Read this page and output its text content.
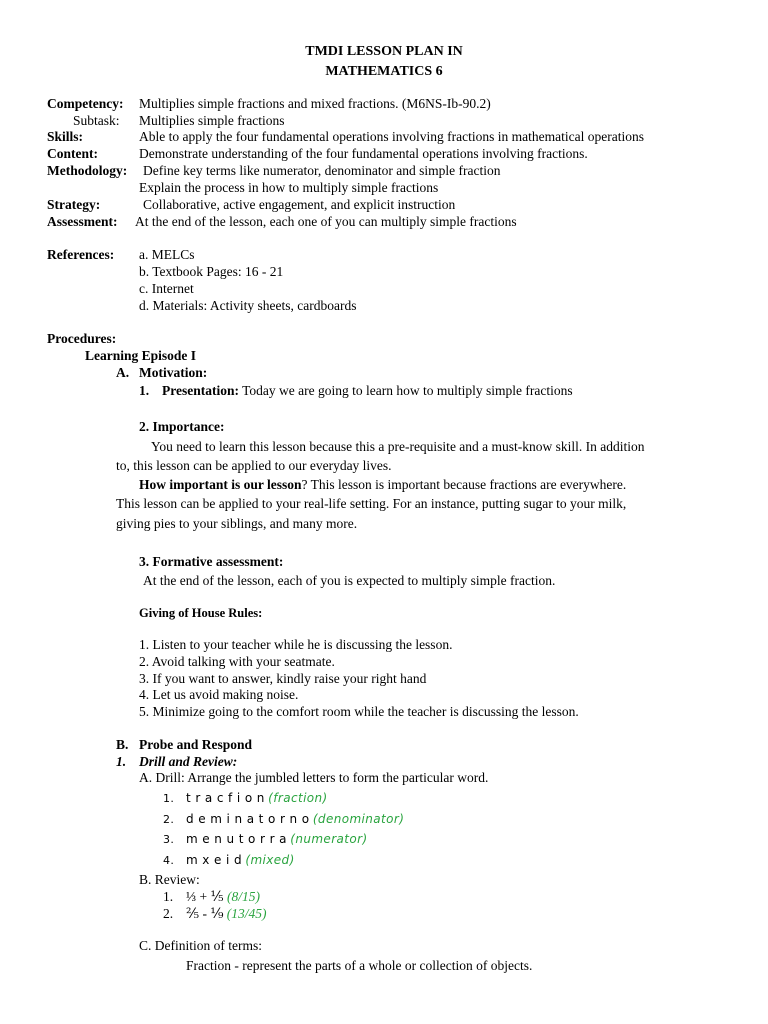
TMDI LESSON PLAN IN
MATHEMATICS 6
Competency: Multiplies simple fractions and mixed fractions. (M6NS-Ib-90.2)
Subtask: Multiplies simple fractions
Skills:	Able to apply the four fundamental operations involving fractions in mathematical operations
Content:	Demonstrate understanding of the four fundamental operations involving fractions.
Methodology: Define key terms like numerator, denominator and simple fraction
Explain the process in how to multiply simple fractions
Strategy:	Collaborative, active engagement, and explicit instruction
Assessment: At the end of the lesson, each one of you can multiply simple fractions
References: a. MELCs
b. Textbook Pages: 16 - 21
c. Internet
d. Materials: Activity sheets, cardboards
Procedures:
Learning Episode I
A. Motivation:
1. Presentation: Today we are going to learn how to multiply simple fractions
2. Importance:
You need to learn this lesson because this a pre-requisite and a must-know skill. In addition
to, this lesson can be applied to our everyday lives.
How important is our lesson? This lesson is important because fractions are everywhere.
This lesson can be applied to your real-life setting. For an instance, putting sugar to your milk,
giving pies to your siblings, and many more.
3. Formative assessment:
At the end of the lesson, each of you is expected to multiply simple fraction.
Giving of House Rules:
1. Listen to your teacher while he is discussing the lesson.
2. Avoid talking with your seatmate.
3. If you want to answer, kindly raise your right hand
4. Let us avoid making noise.
5. Minimize going to the comfort room while the teacher is discussing the lesson.
B. Probe and Respond
1. Drill and Review:
A. Drill: Arrange the jumbled letters to form the particular word.
1. t r a c f i o n (fraction)
2. d e m i n a t o r n o (denominator)
3. m e n u t o r r a (numerator)
4. m x e i d (mixed)
B. Review:
1. ⅓ + ⅕ (8/15)
2. ⅖ - ⅑ (13/45)
C. Definition of terms:
Fraction - represent the parts of a whole or collection of objects.
